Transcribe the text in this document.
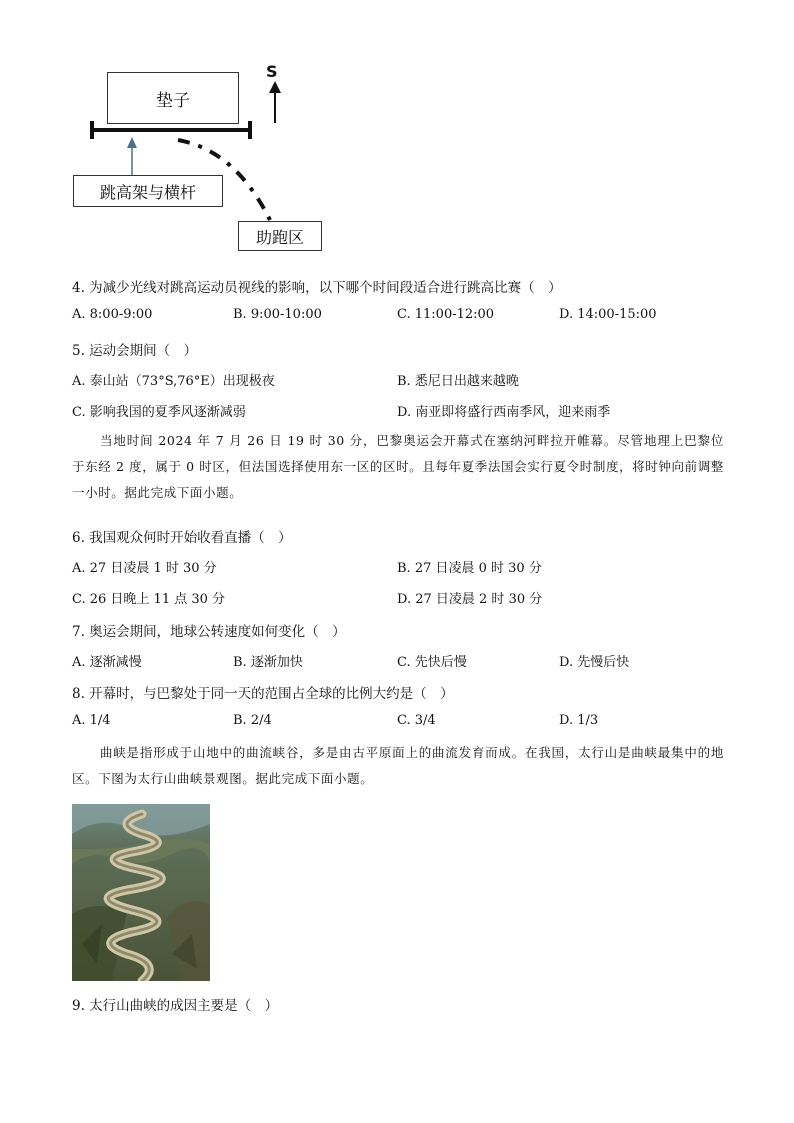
垫子
S
跳高架与横杆
助跑区
4. 为减少光线对跳高运动员视线的影响，以下哪个时间段适合进行跳高比赛（　）
A. 8:00-9:00	B. 9:00-10:00	C. 11:00-12:00	D. 14:00-15:00
5. 运动会期间（　）
A. 泰山站（73°S,76°E）出现极夜	B. 悉尼日出越来越晚
C. 影响我国的夏季风逐渐减弱	D. 南亚即将盛行西南季风，迎来雨季
当地时间 2024 年 7 月 26 日 19 时 30 分，巴黎奥运会开幕式在塞纳河畔拉开帷幕。尽管地理上巴黎位于东经 2 度，属于 0 时区，但法国选择使用东一区的区时。且每年夏季法国会实行夏令时制度，将时钟向前调整一小时。据此完成下面小题。
6. 我国观众何时开始收看直播（　）
A. 27 日凌晨 1 时 30 分	B. 27 日凌晨 0 时 30 分
C. 26 日晚上 11 点 30 分	D. 27 日凌晨 2 时 30 分
7. 奥运会期间，地球公转速度如何变化（　）
A. 逐渐减慢	B. 逐渐加快	C. 先快后慢	D. 先慢后快
8. 开幕时，与巴黎处于同一天的范围占全球的比例大约是（　）
A. 1/4	B. 2/4	C. 3/4	D. 1/3
曲峡是指形成于山地中的曲流峡谷，多是由古平原面上的曲流发育而成。在我国，太行山是曲峡最集中的地区。下图为太行山曲峡景观图。据此完成下面小题。
9. 太行山曲峡的成因主要是（　）
